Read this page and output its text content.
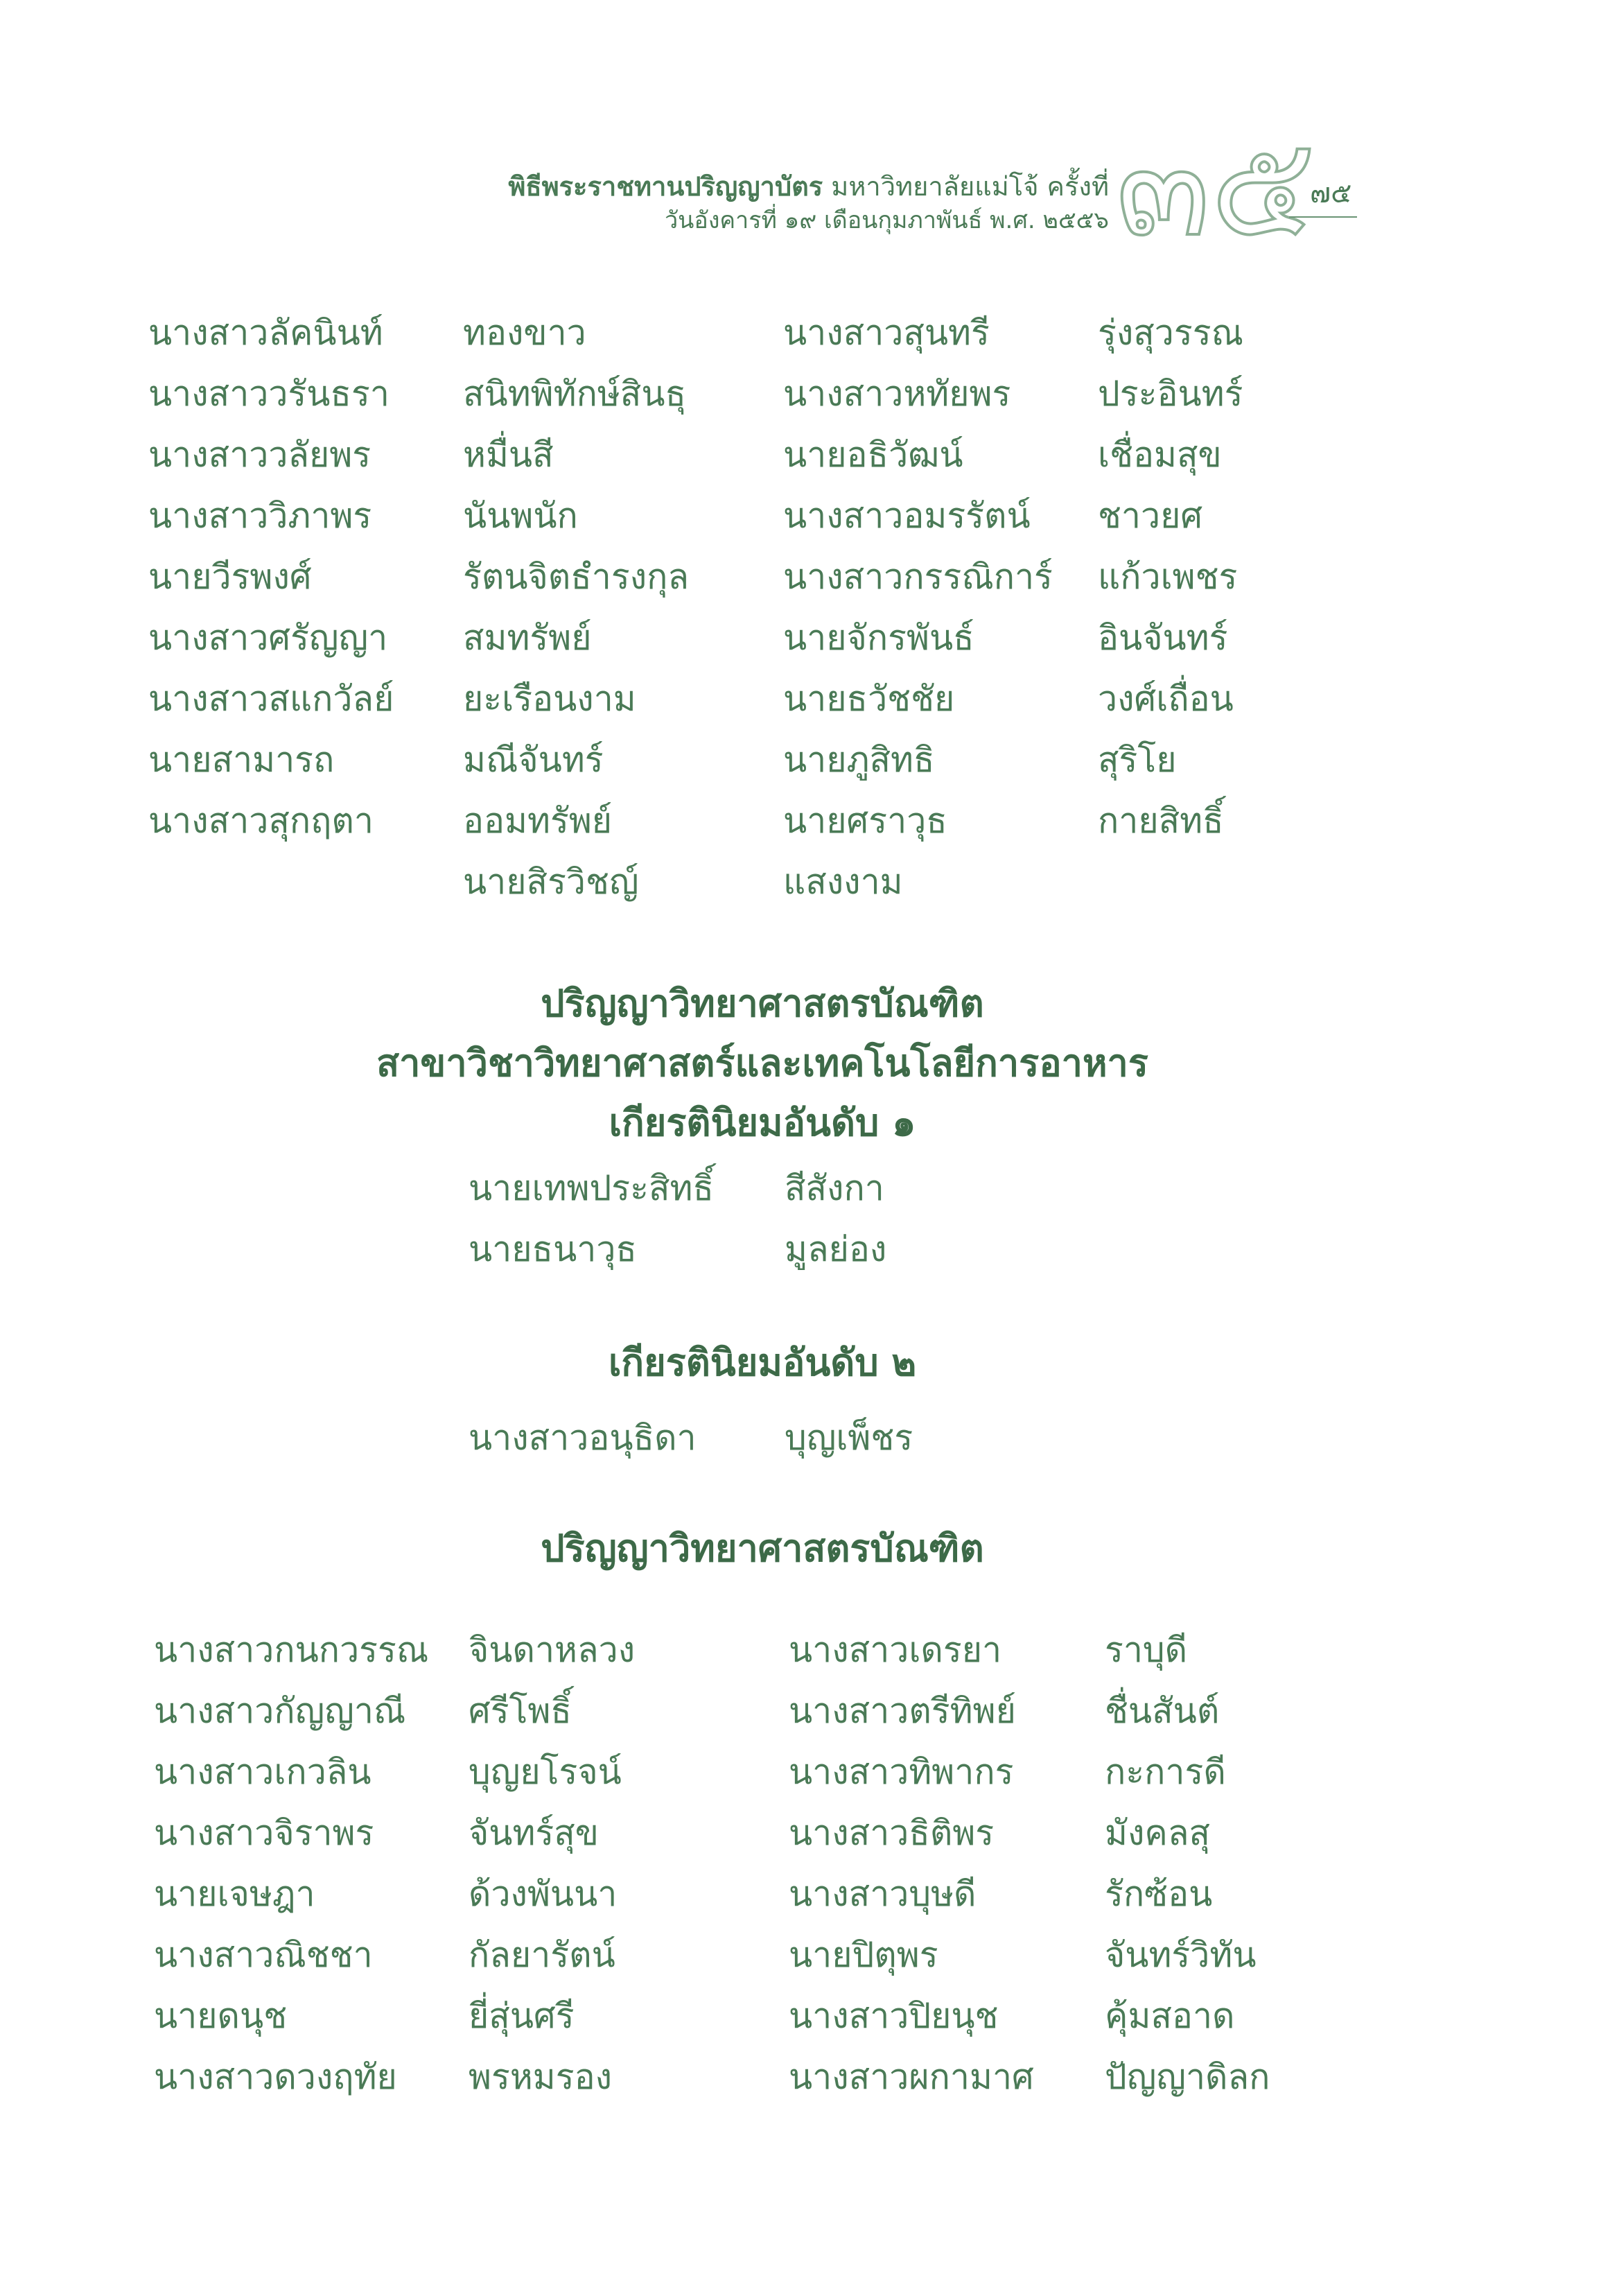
พิธีพระราชทานปริญญาบัตร มหาวิทยาลัยแม่โจ้ ครั้งที่
วันอังคารที่ ๑๙ เดือนกุมภาพันธ์ พ.ศ. ๒๕๕๖ ๓๕
๗๕
นางสาวลัคนินท์
นางสาววรันธรา
นางสาววลัยพร
นางสาววิภาพร
นายวีรพงศ์
นางสาวศรัญญา
นางสาวสแกวัลย์
นายสามารถ
นางสาวสุกฤตา
ทองขาว
สนิทพิทักษ์สินธุ
หมื่นสี
นันพนัก
รัตนจิตธำรงกุล
สมทรัพย์
ยะเรือนงาม
มณีจันทร์
ออมทรัพย์
นายสิรวิชญ์
นางสาวสุนทรี
นางสาวหทัยพร
นายอธิวัฒน์
นางสาวอมรรัตน์
นางสาวกรรณิการ์
นายจักรพันธ์
นายธวัชชัย
นายภูสิทธิ
นายศราวุธ
แสงงาม
รุ่งสุวรรณ
ประอินทร์
เชื่อมสุข
ชาวยศ
แก้วเพชร
อินจันทร์
วงศ์เถื่อน
สุริโย
กายสิทธิ์
ปริญญาวิทยาศาสตรบัณฑิต
สาขาวิชาวิทยาศาสตร์และเทคโนโลยีการอาหาร
เกียรตินิยมอันดับ ๑
นายเทพประสิทธิ์
นายธนาวุธ
สีสังกา
มูลย่อง
เกียรตินิยมอันดับ ๒
นางสาวอนุธิดา	บุญเพ็ชร
ปริญญาวิทยาศาสตรบัณฑิต
นางสาวกนกวรรณ
นางสาวกัญญาณี
นางสาวเกวลิน
นางสาวจิราพร
นายเจษฎา
นางสาวณิชชา
นายดนุช
นางสาวดวงฤทัย
จินดาหลวง
ศรีโพธิ์
บุญยโรจน์
จันทร์สุข
ด้วงพันนา
กัลยารัตน์
ยี่สุ่นศรี
พรหมรอง
นางสาวเดรยา
นางสาวตรีทิพย์
นางสาวทิพากร
นางสาวธิติพร
นางสาวบุษดี
นายปิตุพร
นางสาวปิยนุช
นางสาวผกามาศ
ราบุดี
ชื่นสันต์
กะการดี
มังคลสุ
รักซ้อน
จันทร์วิทัน
คุ้มสอาด
ปัญญาดิลก
